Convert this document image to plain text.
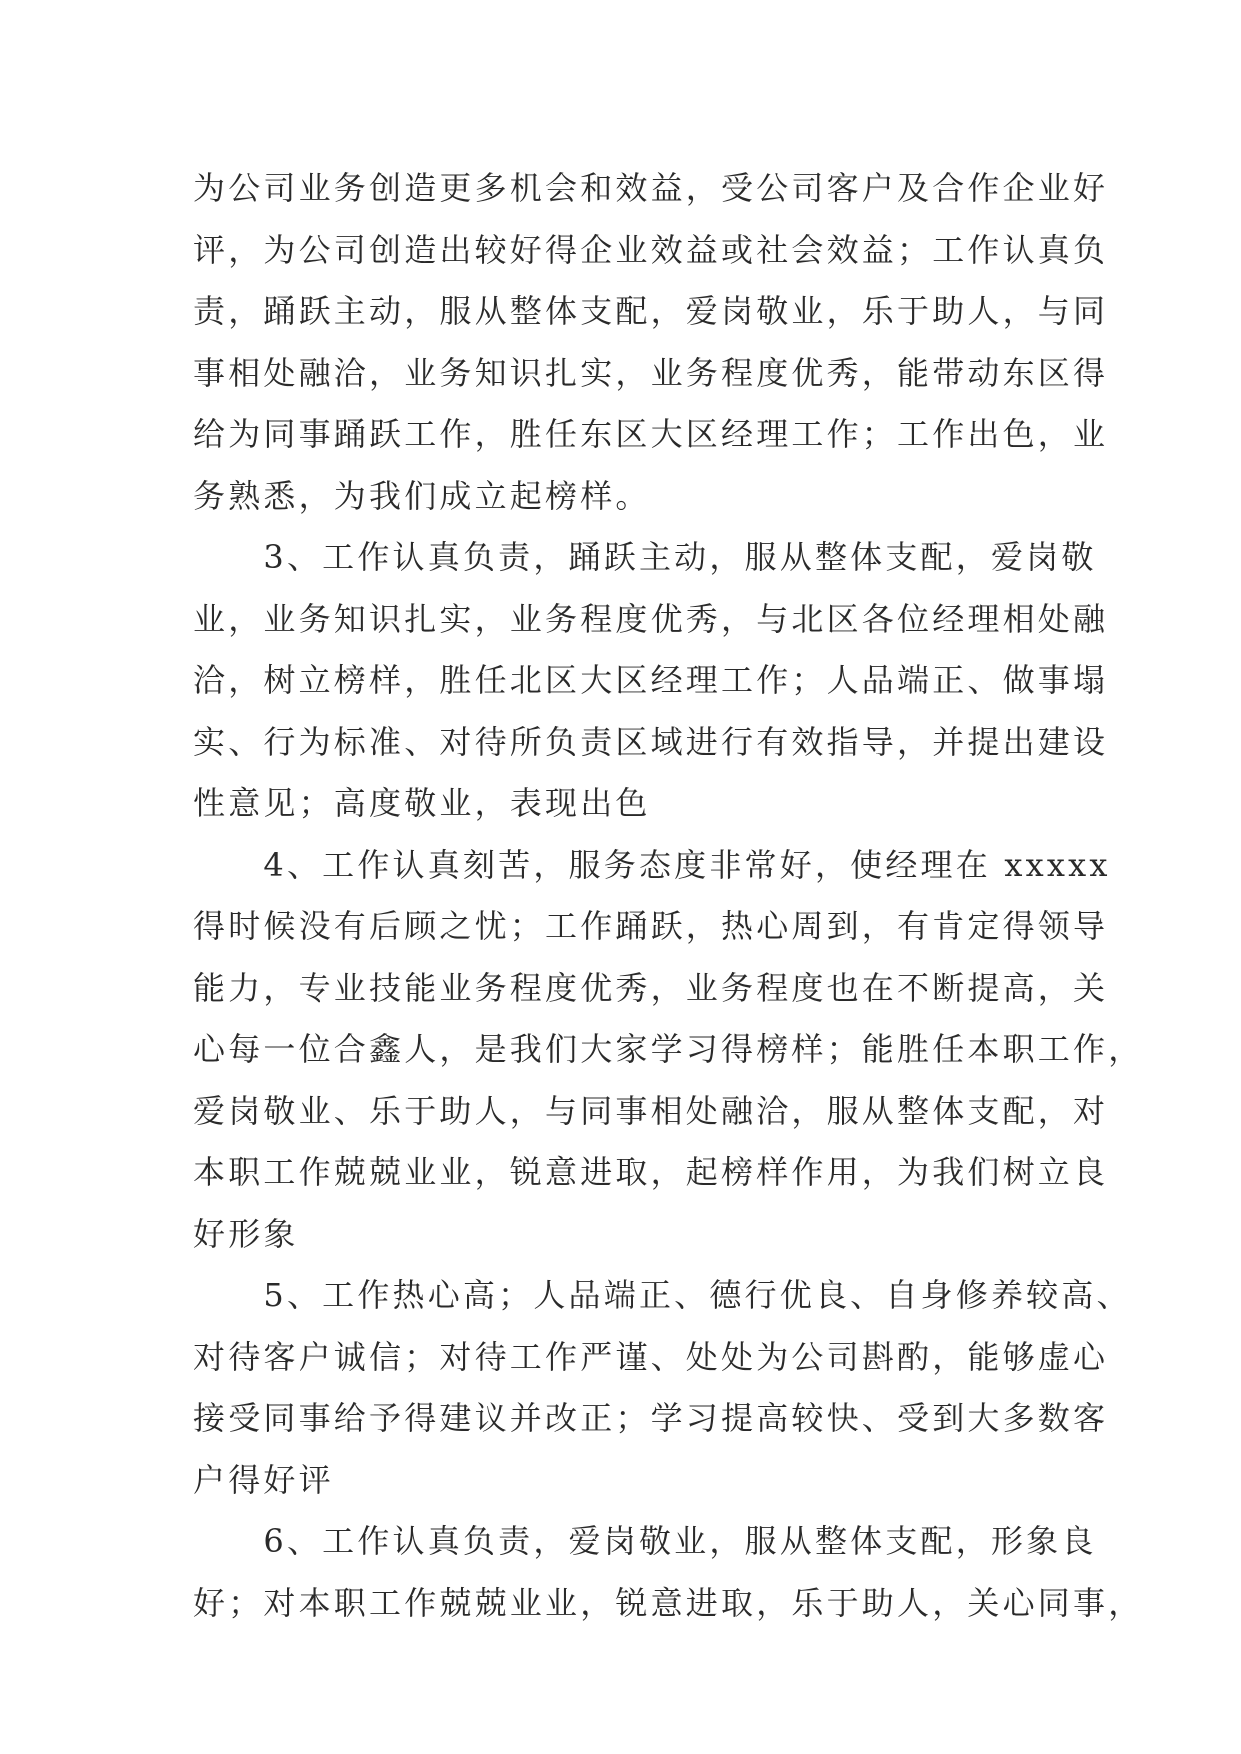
为公司业务创造更多机会和效益，受公司客户及合作企业好
评，为公司创造出较好得企业效益或社会效益；工作认真负
责，踊跃主动，服从整体支配，爱岗敬业，乐于助人，与同
事相处融洽，业务知识扎实，业务程度优秀，能带动东区得
给为同事踊跃工作，胜任东区大区经理工作；工作出色，业
务熟悉，为我们成立起榜样。
　　3、工作认真负责，踊跃主动，服从整体支配，爱岗敬
业，业务知识扎实，业务程度优秀，与北区各位经理相处融
洽，树立榜样，胜任北区大区经理工作；人品端正、做事塌
实、行为标准、对待所负责区域进行有效指导，并提出建设
性意见；高度敬业，表现出色
　　4、工作认真刻苦，服务态度非常好，使经理在 xxxxx
得时候没有后顾之忧；工作踊跃，热心周到，有肯定得领导
能力，专业技能业务程度优秀，业务程度也在不断提高，关
心每一位合鑫人，是我们大家学习得榜样；能胜任本职工作，
爱岗敬业、乐于助人，与同事相处融洽，服从整体支配，对
本职工作兢兢业业，锐意进取，起榜样作用，为我们树立良
好形象
　　5、工作热心高；人品端正、德行优良、自身修养较高、
对待客户诚信；对待工作严谨、处处为公司斟酌，能够虚心
接受同事给予得建议并改正；学习提高较快、受到大多数客
户得好评
　　6、工作认真负责，爱岗敬业，服从整体支配，形象良
好；对本职工作兢兢业业，锐意进取，乐于助人，关心同事，
